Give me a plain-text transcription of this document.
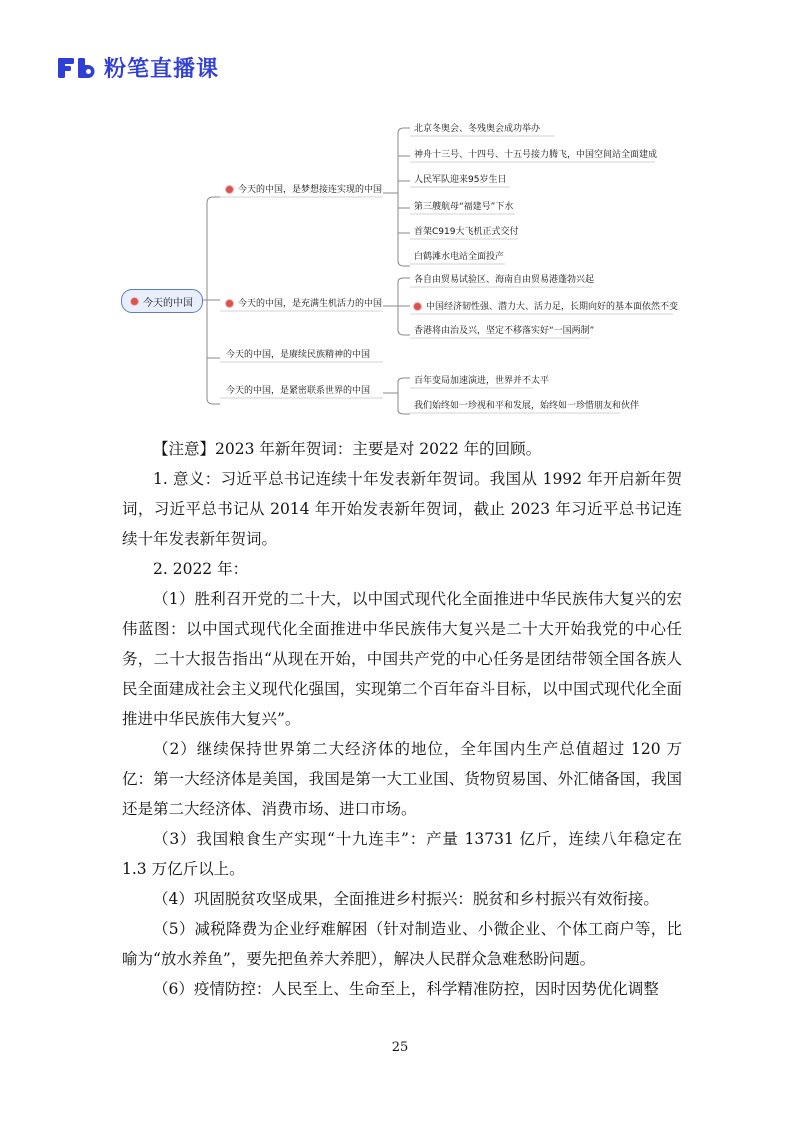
粉笔直播课
今天的中国
今天的中国，是梦想接连实现的中国
今天的中国，是充满生机活力的中国
今天的中国，是赓续民族精神的中国
今天的中国，是紧密联系世界的中国
北京冬奥会、冬残奥会成功举办
神舟十三号、十四号、十五号接力腾飞，中国空间站全面建成
人民军队迎来95岁生日
第三艘航母“福建号”下水
首架C919大飞机正式交付
白鹤滩水电站全面投产
各自由贸易试验区、海南自由贸易港蓬勃兴起
中国经济韧性强、潜力大、活力足，长期向好的基本面依然不变
香港将由治及兴，坚定不移落实好“一国两制”
百年变局加速演进，世界并不太平
我们始终如一珍视和平和发展，始终如一珍惜朋友和伙伴

【注意】2023 年新年贺词：主要是对 2022 年的回顾。

1. 意义：习近平总书记连续十年发表新年贺词。我国从 1992 年开启新年贺词，习近平总书记从 2014 年开始发表新年贺词，截止 2023 年习近平总书记连续十年发表新年贺词。

2. 2022 年：

（1）胜利召开党的二十大，以中国式现代化全面推进中华民族伟大复兴的宏伟蓝图：以中国式现代化全面推进中华民族伟大复兴是二十大开始我党的中心任务，二十大报告指出“从现在开始，中国共产党的中心任务是团结带领全国各族人民全面建成社会主义现代化强国，实现第二个百年奋斗目标，以中国式现代化全面推进中华民族伟大复兴”。

（2）继续保持世界第二大经济体的地位，全年国内生产总值超过 120 万亿：第一大经济体是美国，我国是第一大工业国、货物贸易国、外汇储备国，我国还是第二大经济体、消费市场、进口市场。

（3）我国粮食生产实现“十九连丰”：产量 13731 亿斤，连续八年稳定在 1.3 万亿斤以上。

（4）巩固脱贫攻坚成果，全面推进乡村振兴：脱贫和乡村振兴有效衔接。

（5）减税降费为企业纾难解困（针对制造业、小微企业、个体工商户等，比喻为“放水养鱼”，要先把鱼养大养肥），解决人民群众急难愁盼问题。

（6）疫情防控：人民至上、生命至上，科学精准防控，因时因势优化调整

25
